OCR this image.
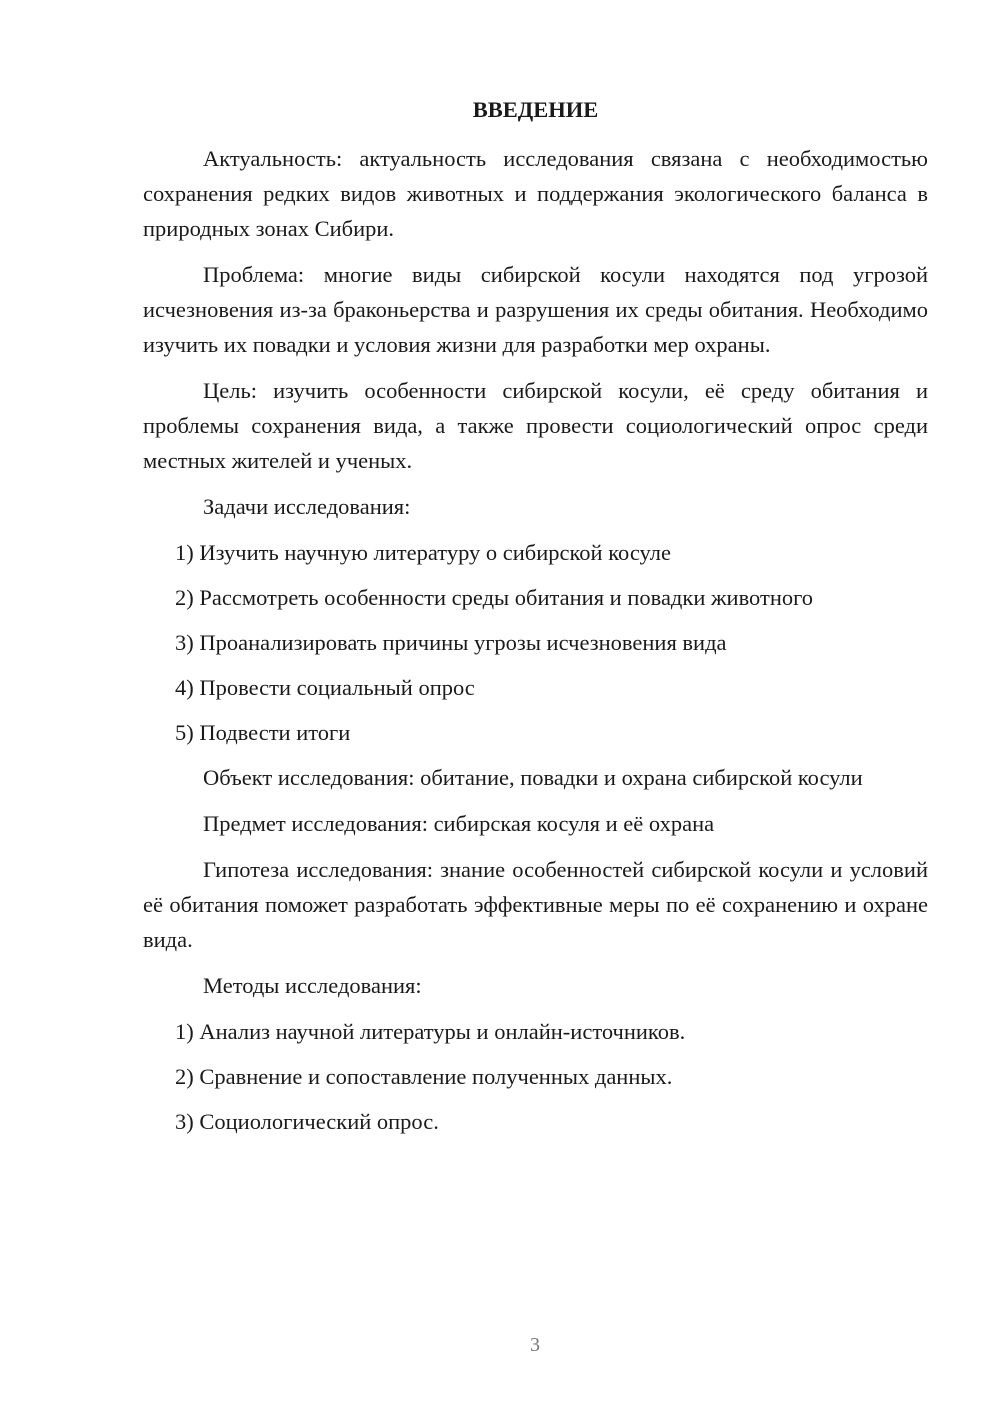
ВВЕДЕНИЕ

Актуальность: актуальность исследования связана с необходимостью сохранения редких видов животных и поддержания экологического баланса в природных зонах Сибири.

Проблема: многие виды сибирской косули находятся под угрозой исчезновения из-за браконьерства и разрушения их среды обитания. Необходимо изучить их повадки и условия жизни для разработки мер охраны.

Цель: изучить особенности сибирской косули, её среду обитания и проблемы сохранения вида, а также провести социологический опрос среди местных жителей и ученых.

Задачи исследования:

1) Изучить научную литературу о сибирской косуле
2) Рассмотреть особенности среды обитания и повадки животного
3) Проанализировать причины угрозы исчезновения вида
4) Провести социальный опрос
5) Подвести итоги

Объект исследования: обитание, повадки и охрана сибирской косули

Предмет исследования: сибирская косуля и её охрана

Гипотеза исследования: знание особенностей сибирской косули и условий её обитания поможет разработать эффективные меры по её сохранению и охране вида.

Методы исследования:

1) Анализ научной литературы и онлайн-источников.
2) Сравнение и сопоставление полученных данных.
3) Социологический опрос.
3
